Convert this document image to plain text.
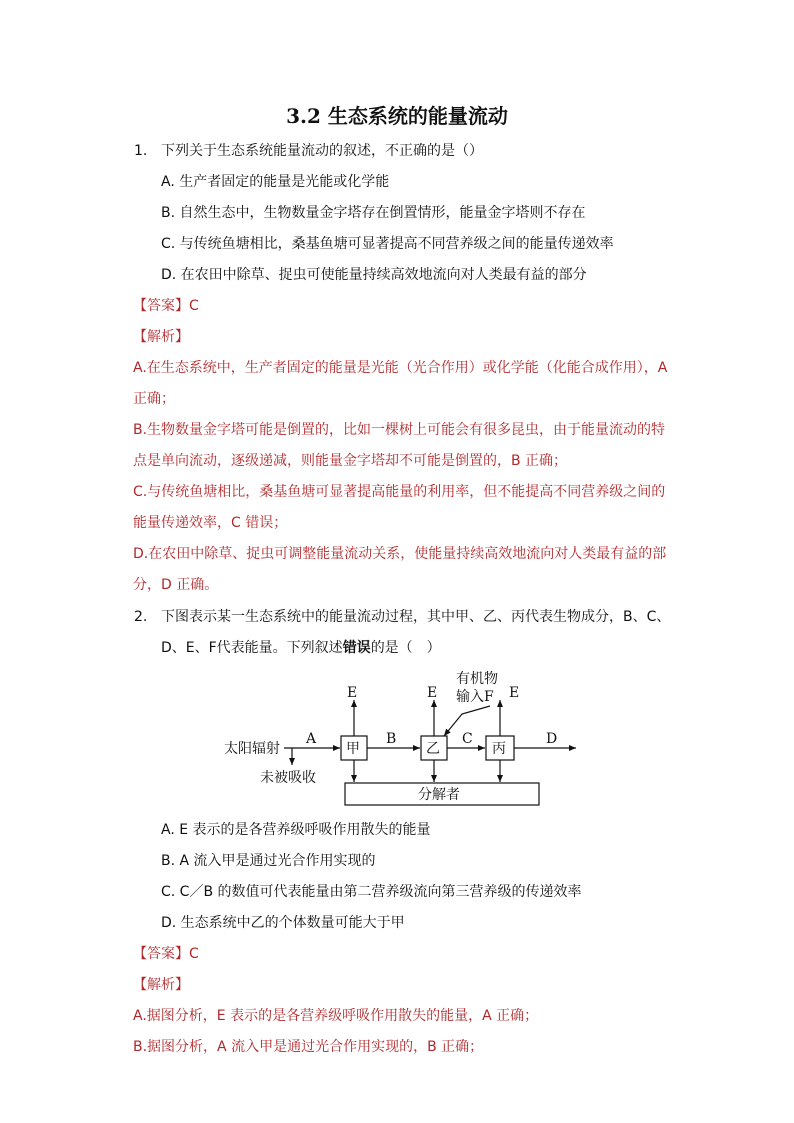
3.2 生态系统的能量流动
1. 下列关于生态系统能量流动的叙述，不正确的是（）
A. 生产者固定的能量是光能或化学能
B. 自然生态中，生物数量金字塔存在倒置情形，能量金字塔则不存在
C. 与传统鱼塘相比，桑基鱼塘可显著提高不同营养级之间的能量传递效率
D. 在农田中除草、捉虫可使能量持续高效地流向对人类最有益的部分
【答案】C
【解析】
A.在生态系统中，生产者固定的能量是光能（光合作用）或化学能（化能合成作用），A
正确；
B.生物数量金字塔可能是倒置的，比如一棵树上可能会有很多昆虫，由于能量流动的特
点是单向流动，逐级递减，则能量金字塔却不可能是倒置的，B 正确；
C.与传统鱼塘相比，桑基鱼塘可显著提高能量的利用率，但不能提高不同营养级之间的
能量传递效率，C 错误；
D.在农田中除草、捉虫可调整能量流动关系，使能量持续高效地流向对人类最有益的部
分，D 正确。
2. 下图表示某一生态系统中的能量流动过程，其中甲、乙、丙代表生物成分，B、C、
D、E、F代表能量。下列叙述错误的是（　）
太阳辐射
A
未被吸收
甲
E
B
乙
E
有机物
输入F
C
丙
E
D
分解者
A. E 表示的是各营养级呼吸作用散失的能量
B. A 流入甲是通过光合作用实现的
C. C／B 的数值可代表能量由第二营养级流向第三营养级的传递效率
D. 生态系统中乙的个体数量可能大于甲
【答案】C
【解析】
A.据图分析，E 表示的是各营养级呼吸作用散失的能量，A 正确；
B.据图分析，A 流入甲是通过光合作用实现的，B 正确；
